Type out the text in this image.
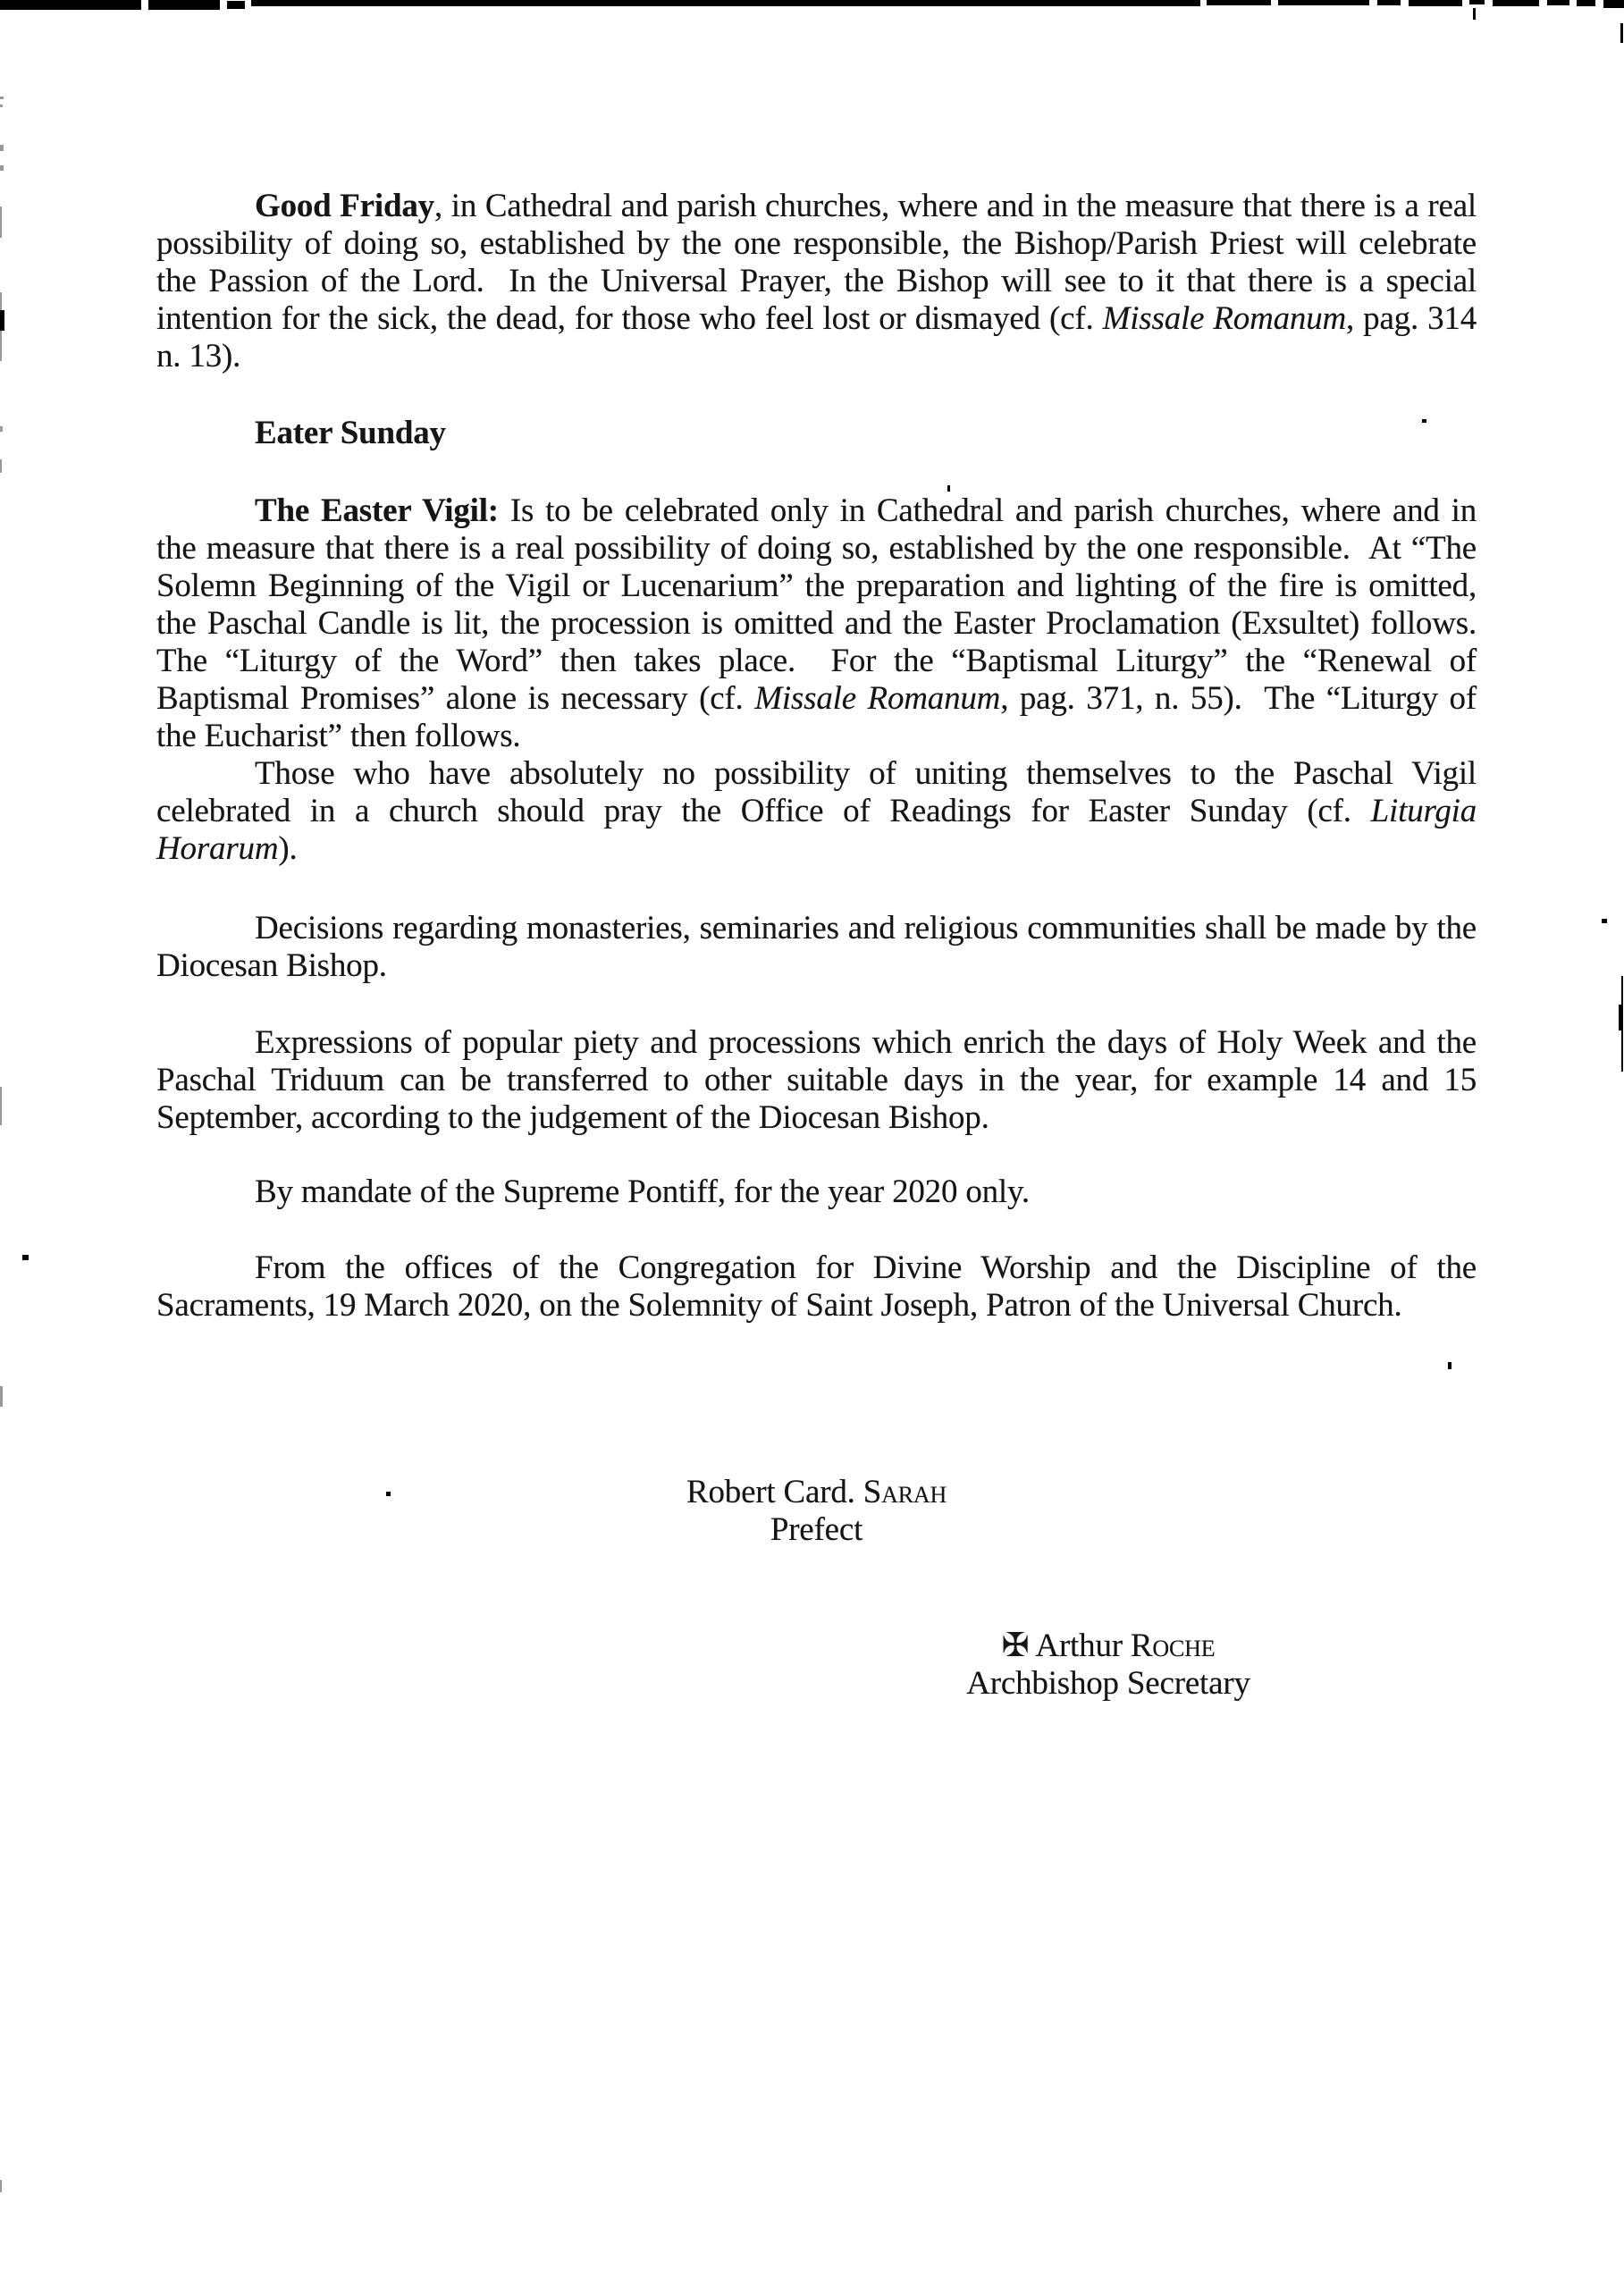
Good Friday, in Cathedral and parish churches, where and in the measure that there is a real
possibility of doing so, established by the one responsible, the Bishop/Parish Priest will celebrate
the Passion of the Lord.  In the Universal Prayer, the Bishop will see to it that there is a special
intention for the sick, the dead, for those who feel lost or dismayed (cf. Missale Romanum, pag. 314
n. 13).
Eater Sunday
The Easter Vigil: Is to be celebrated only in Cathedral and parish churches, where and in
the measure that there is a real possibility of doing so, established by the one responsible.  At “The
Solemn Beginning of the Vigil or Lucenarium” the preparation and lighting of the fire is omitted,
the Paschal Candle is lit, the procession is omitted and the Easter Proclamation (Exsultet) follows.
The “Liturgy of the Word” then takes place.  For the “Baptismal Liturgy” the “Renewal of
Baptismal Promises” alone is necessary (cf. Missale Romanum, pag. 371, n. 55).  The “Liturgy of
the Eucharist” then follows.
Those who have absolutely no possibility of uniting themselves to the Paschal Vigil
celebrated in a church should pray the Office of Readings for Easter Sunday (cf. Liturgia
Horarum).
Decisions regarding monasteries, seminaries and religious communities shall be made by the
Diocesan Bishop.
Expressions of popular piety and processions which enrich the days of Holy Week and the
Paschal Triduum can be transferred to other suitable days in the year, for example 14 and 15
September, according to the judgement of the Diocesan Bishop.
By mandate of the Supreme Pontiff, for the year 2020 only.
From the offices of the Congregation for Divine Worship and the Discipline of the
Sacraments, 19 March 2020, on the Solemnity of Saint Joseph, Patron of the Universal Church.
Robert Card. Sarah
Prefect
✠ Arthur Roche
Archbishop Secretary
